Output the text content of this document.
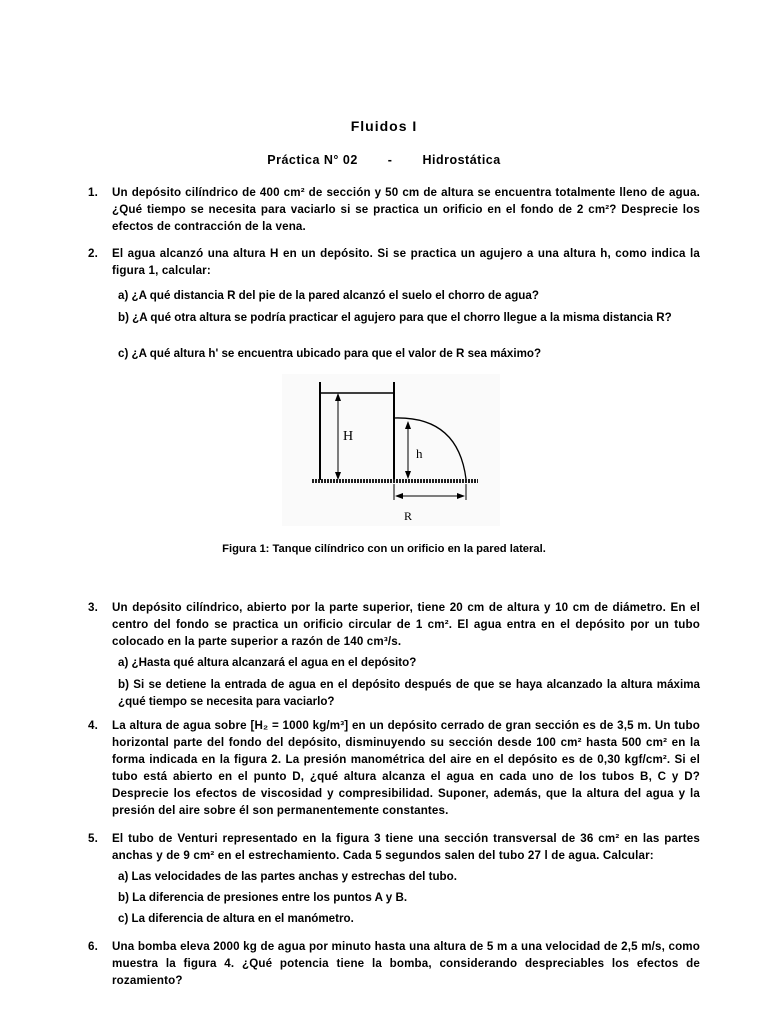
Fluidos I
Práctica N° 02 - Hidrostática
1. Un depósito cilíndrico de 400 cm² de sección y 50 cm de altura se encuentra totalmente lleno de agua. ¿Qué tiempo se necesita para vaciarlo si se practica un orificio en el fondo de 2 cm²? Desprecie los efectos de contracción de la vena.
2. El agua alcanzó una altura H en un depósito. Si se practica un agujero a una altura h, como indica la figura 1, calcular:
a) ¿A qué distancia R del pie de la pared alcanzó el suelo el chorro de agua?
b) ¿A qué otra altura se podría practicar el agujero para que el chorro llegue a la misma distancia R?
c) ¿A qué altura h' se encuentra ubicado para que el valor de R sea máximo?
H
h
R
Figura 1: Tanque cilíndrico con un orificio en la pared lateral.
3. Un depósito cilíndrico, abierto por la parte superior, tiene 20 cm de altura y 10 cm de diámetro. En el centro del fondo se practica un orificio circular de 1 cm². El agua entra en el depósito por un tubo colocado en la parte superior a razón de 140 cm³/s.
a) ¿Hasta qué altura alcanzará el agua en el depósito?
b) Si se detiene la entrada de agua en el depósito después de que se haya alcanzado la altura máxima ¿qué tiempo se necesita para vaciarlo?
4. La altura de agua sobre [H₂ = 1000 kg/m³] en un depósito cerrado de gran sección es de 3,5 m. Un tubo horizontal parte del fondo del depósito, disminuyendo su sección desde 100 cm² hasta 500 cm² en la forma indicada en la figura 2. La presión manométrica del aire en el depósito es de 0,30 kgf/cm². Si el tubo está abierto en el punto D, ¿qué altura alcanza el agua en cada uno de los tubos B, C y D? Desprecie los efectos de viscosidad y compresibilidad. Suponer, además, que la altura del agua y la presión del aire sobre él son permanentemente constantes.
5. El tubo de Venturi representado en la figura 3 tiene una sección transversal de 36 cm² en las partes anchas y de 9 cm² en el estrechamiento. Cada 5 segundos salen del tubo 27 l de agua. Calcular:
a) Las velocidades de las partes anchas y estrechas del tubo.
b) La diferencia de presiones entre los puntos A y B.
c) La diferencia de altura en el manómetro.
6. Una bomba eleva 2000 kg de agua por minuto hasta una altura de 5 m a una velocidad de 2,5 m/s, como muestra la figura 4. ¿Qué potencia tiene la bomba, considerando despreciables los efectos de rozamiento?
